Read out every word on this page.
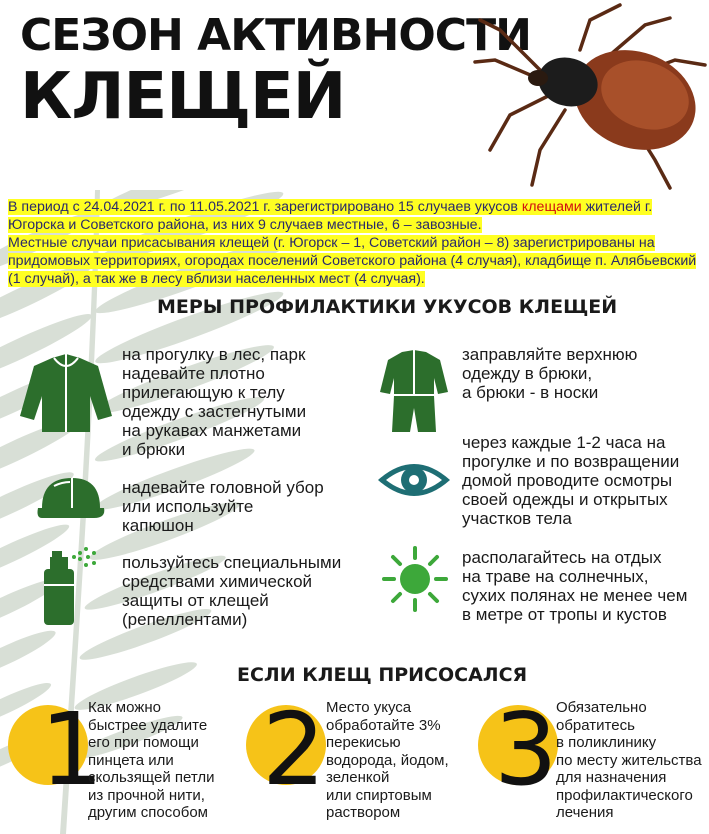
СЕЗОН АКТИВНОСТИ
КЛЕЩЕЙ
В период с 24.04.2021 г. по 11.05.2021 г. зарегистрировано 15 случаев укусов клещами жителей г. Югорска и Советского района, из них 9 случаев местные, 6 – завозные.
Местные случаи присасывания клещей (г. Югорск – 1, Советский район – 8) зарегистрированы на придомовых территориях, огородах поселений Советского района (4 случая), кладбище п. Алябьевский (1 случай), а так же в лесу вблизи населенных мест (4 случая).
МЕРЫ ПРОФИЛАКТИКИ УКУСОВ КЛЕЩЕЙ
на прогулку в лес, парк
надевайте плотно
прилегающую к телу
одежду с застегнутыми
на рукавах манжетами
и брюки
надевайте головной убор
или используйте
капюшон
пользуйтесь специальными
средствами химической
защиты от клещей
(репеллентами)
заправляйте верхнюю
одежду в брюки,
а брюки - в носки
через каждые 1-2 часа на
прогулке и по возвращении
домой проводите осмотры
своей одежды и открытых
участков тела
располагайтесь на отдых
на траве на солнечных,
сухих полянах не менее чем
в метре от тропы и кустов
ЕСЛИ КЛЕЩ ПРИСОСАЛСЯ
1
Как можно
быстрее удалите
его при помощи
пинцета или
скользящей петли
из прочной нити,
другим способом
2 Место укуса
обработайте 3%
перекисью
водорода, йодом,
зеленкой
или спиртовым
раствором
3
Обязательно
обратитесь
в поликлинику
по месту жительства
для назначения
профилактического
лечения
